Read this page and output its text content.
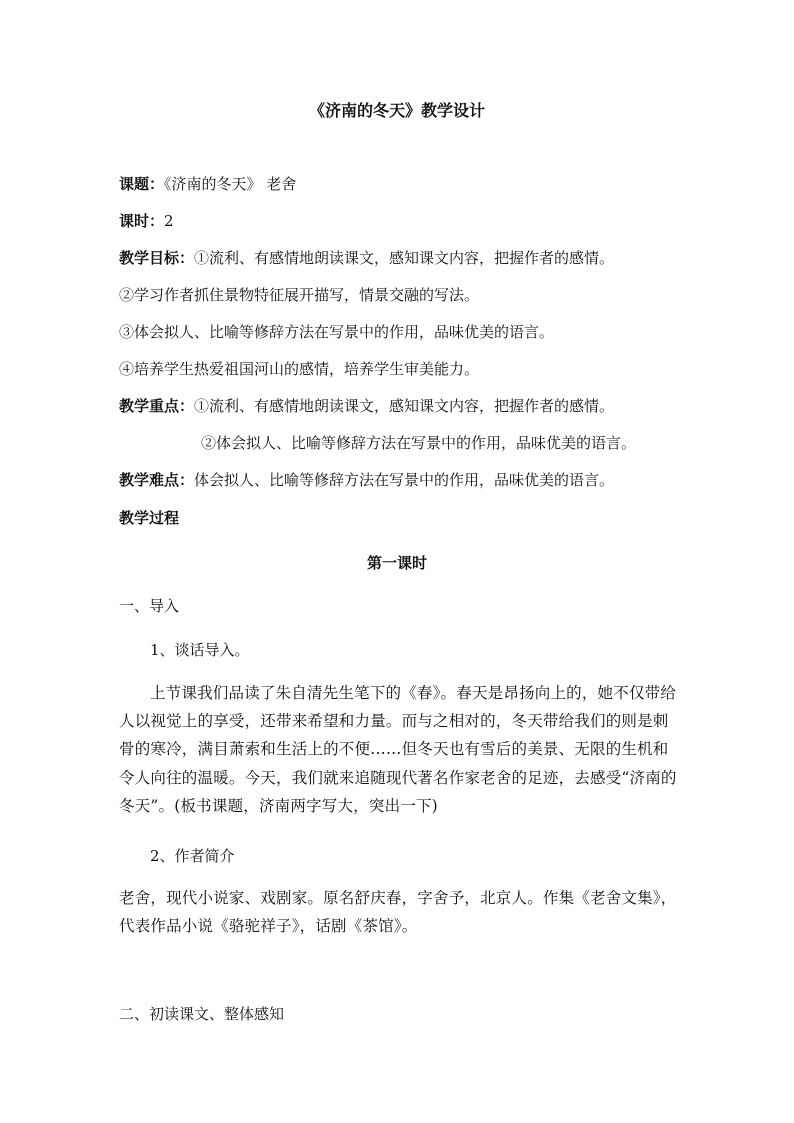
《济南的冬天》教学设计
课题：《济南的冬天》 老舍
课时：2
教学目标：①流利、有感情地朗读课文，感知课文内容，把握作者的感情。
②学习作者抓住景物特征展开描写，情景交融的写法。
③体会拟人、比喻等修辞方法在写景中的作用，品味优美的语言。
④培养学生热爱祖国河山的感情，培养学生审美能力。
教学重点：①流利、有感情地朗读课文，感知课文内容，把握作者的感情。
②体会拟人、比喻等修辞方法在写景中的作用，品味优美的语言。
教学难点：体会拟人、比喻等修辞方法在写景中的作用，品味优美的语言。
教学过程
第一课时
一、导入
1、谈话导入。
上节课我们品读了朱自清先生笔下的《春》。春天是昂扬向上的，她不仅带给人以视觉上的享受，还带来希望和力量。而与之相对的，冬天带给我们的则是刺骨的寒冷，满目萧索和生活上的不便……但冬天也有雪后的美景、无限的生机和令人向往的温暖。今天，我们就来追随现代著名作家老舍的足迹，去感受“济南的冬天”。(板书课题，济南两字写大，突出一下)
2、作者简介
老舍，现代小说家、戏剧家。原名舒庆春，字舍予，北京人。作集《老舍文集》，代表作品小说《骆驼祥子》，话剧《茶馆》。
二、初读课文、整体感知
